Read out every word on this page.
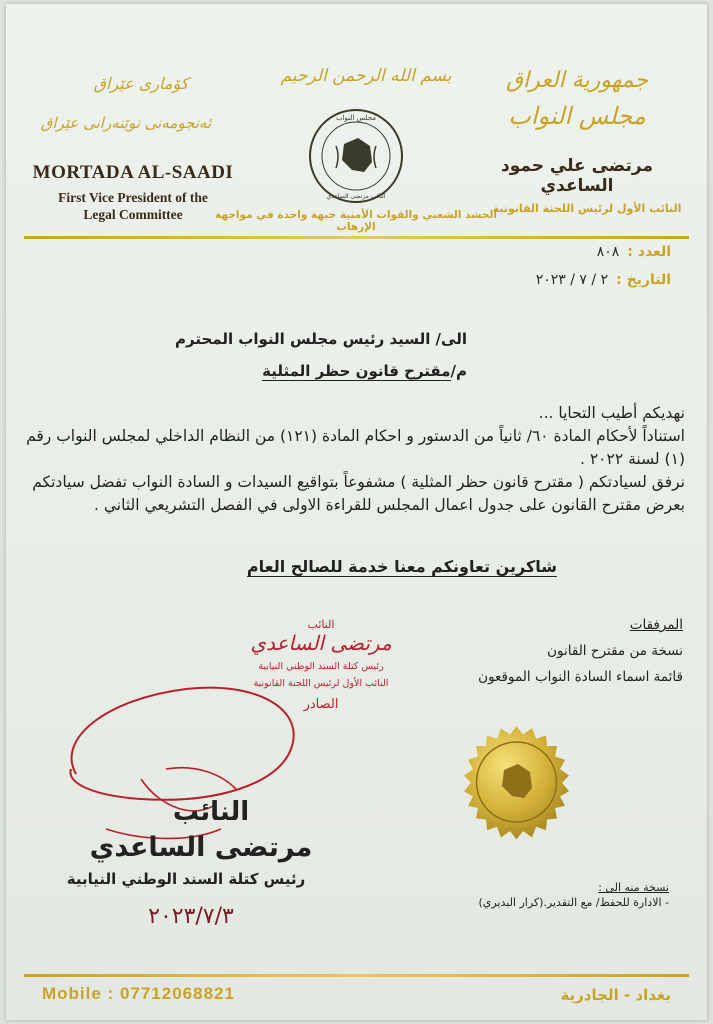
بسم الله الرحمن الرحيم	جمهورية العراق
مجلس النواب
مرتضى علي حمود الساعدي
النائب الأول لرئيس اللجنة القانونية
كۆماری عێراق
ئەنجومەنی نوێنەرانی عێراق
MORTADA AL-SAADI
First Vice President of the
Legal Committee
مجلس النواب
النائب مرتضى الساعدي
الحشد الشعبي والقوات الأمنية جبهة واحدة في مواجهة الإرهاب
العدد :٨٠٨
التاريخ :٢ / ٧ / ٢٠٢٣
الى/ السيد رئيس مجلس النواب المحترم
م/مقترح قانون حظر المثلية

نهديكم أطيب التحايا ...

استناداً لأحكام المادة ٦٠/ ثانياً من الدستور و احكام المادة (١٢١) من النظام الداخلي لمجلس النواب رقم (١) لسنة ٢٠٢٢ .

نرفق لسيادتكم ( مقترح قانون حظر المثلية ) مشفوعاً بتواقيع السيدات و السادة النواب تفضل سيادتكم بعرض مقترح القانون على جدول اعمال المجلس للقراءة الاولى في الفصل التشريعي الثاني .

شاكرين تعاونكم معنا خدمة للصالح العام
المرفقات
نسخة من مقترح القانون
قائمة اسماء السادة النواب الموقعون
النائب
مرتضى الساعدي
رئيس كتلة السند الوطني النيابية
النائب الأول لرئيس اللجنة القانونية
الصادر
النائب
مرتضى الساعدي
رئيس كتلة السند الوطني النيابية
٢٠٢٣/٧/٣
نسخة منه الى :
- الادارة للحفظ/ مع التقدير.(كرار البديري)
Mobile : 07712068821	بغداد - الجادرية
